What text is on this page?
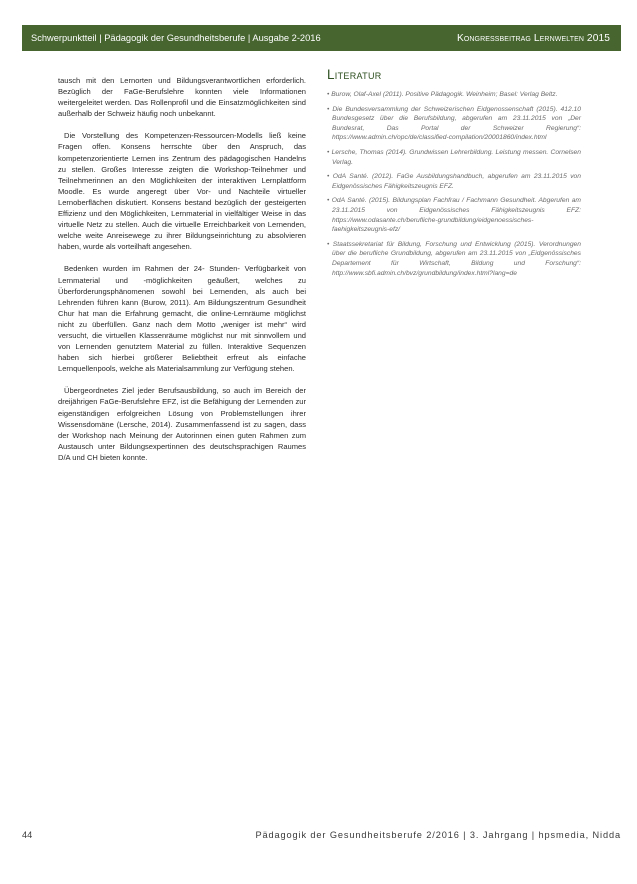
Schwerpunktteil | Pädagogik der Gesundheitsberufe | Ausgabe 2-2016	Kongressbeitrag Lernwelten 2015

tausch mit den Lernorten und Bildungsverantwortlichen erforderlich. Bezüglich der FaGe-Berufslehre konnten viele Informationen weitergeleitet werden. Das Rollenprofil und die Einsatzmöglichkeiten sind außerhalb der Schweiz häufig noch unbekannt.

Die Vorstellung des Kompetenzen-Ressourcen-Modells ließ keine Fragen offen. Konsens herrschte über den Anspruch, das kompetenzorientierte Lernen ins Zentrum des pädagogischen Handelns zu stellen. Großes Interesse zeigten die Workshop-Teilnehmer und Teilnehmerinnen an den Möglichkeiten der interaktiven Lernplattform Moodle. Es wurde angeregt über Vor- und Nachteile virtueller Lernoberflächen diskutiert. Konsens bestand bezüglich der gesteigerten Effizienz und den Möglichkeiten, Lernmaterial in vielfältiger Weise in das virtuelle Netz zu stellen. Auch die virtuelle Erreichbarkeit von Lernenden, welche weite Anreisewege zu ihrer Bildungseinrichtung zu absolvieren haben, wurde als vorteilhaft angesehen.

Bedenken wurden im Rahmen der 24- Stunden- Verfügbarkeit von Lernmaterial und -möglichkeiten geäußert, welches zu Überforderungsphänomenen sowohl bei Lernenden, als auch bei Lehrenden führen kann (Burow, 2011). Am Bildungszentrum Gesundheit Chur hat man die Erfahrung gemacht, die online-Lernräume möglichst nicht zu überfüllen. Ganz nach dem Motto „weniger ist mehr“ wird versucht, die virtuellen Klassenräume möglichst nur mit sinnvollem und von Lernenden genutztem Material zu füllen. Interaktive Sequenzen haben sich hierbei größerer Beliebtheit erfreut als einfache Lernquellenpools, welche als Materialsammlung zur Verfügung stehen.

Übergeordnetes Ziel jeder Berufsausbildung, so auch im Bereich der dreijährigen FaGe-Berufslehre EFZ, ist die Befähigung der Lernenden zur eigenständigen erfolgreichen Lösung von Problemstellungen ihrer Wissensdomäne (Lersche, 2014). Zusammenfassend ist zu sagen, dass der Workshop nach Meinung der Autorinnen einen guten Rahmen zum Austausch unter Bildungsexpertinnen des deutschsprachigen Raumes D/A und CH bieten konnte.

Literatur

• Burow, Olaf-Axel (2011). Positive Pädagogik. Weinheim; Basel: Verlag Beltz.

• Die Bundesversammlung der Schweizerischen Eidgenossenschaft (2015). 412.10 Bundesgesetz über die Berufsbildung, abgerufen am 23.11.2015 von „Der Bundesrat, Das Portal der Schweizer Regierung“: https://www.admin.ch/opc/de/classified-compilation/20001860/index.html

• Lersche, Thomas (2014). Grundwissen Lehrerbildung. Leistung messen. Cornelsen Verlag.

• OdA Santé. (2012). FaGe Ausbildungshandbuch, abgerufen am 23.11.2015 von Eidgenössisches Fähigkeitszeugnis EFZ.

• OdA Santé. (2015). Bildungsplan Fachfrau / Fachmann Gesundheit. Abgerufen am 23.11.2015 von Eidgenössisches Fähigkeitszeugnis EFZ: https://www.odasante.ch/berufliche-grundbildung/eidgenoessisches-faehigkeitszeugnis-efz/

• Staatssekretariat für Bildung, Forschung und Entwicklung (2015). Verordnungen über die berufliche Grundbildung, abgerufen am 23.11.2015 von „Eidgenössisches Departement für Wirtschaft, Bildung und Forschung“: http://www.sbfi.admin.ch/bvz/grundbildung/index.html?lang=de

44	Pädagogik der Gesundheitsberufe 2/2016 | 3. Jahrgang | hpsmedia, Nidda
